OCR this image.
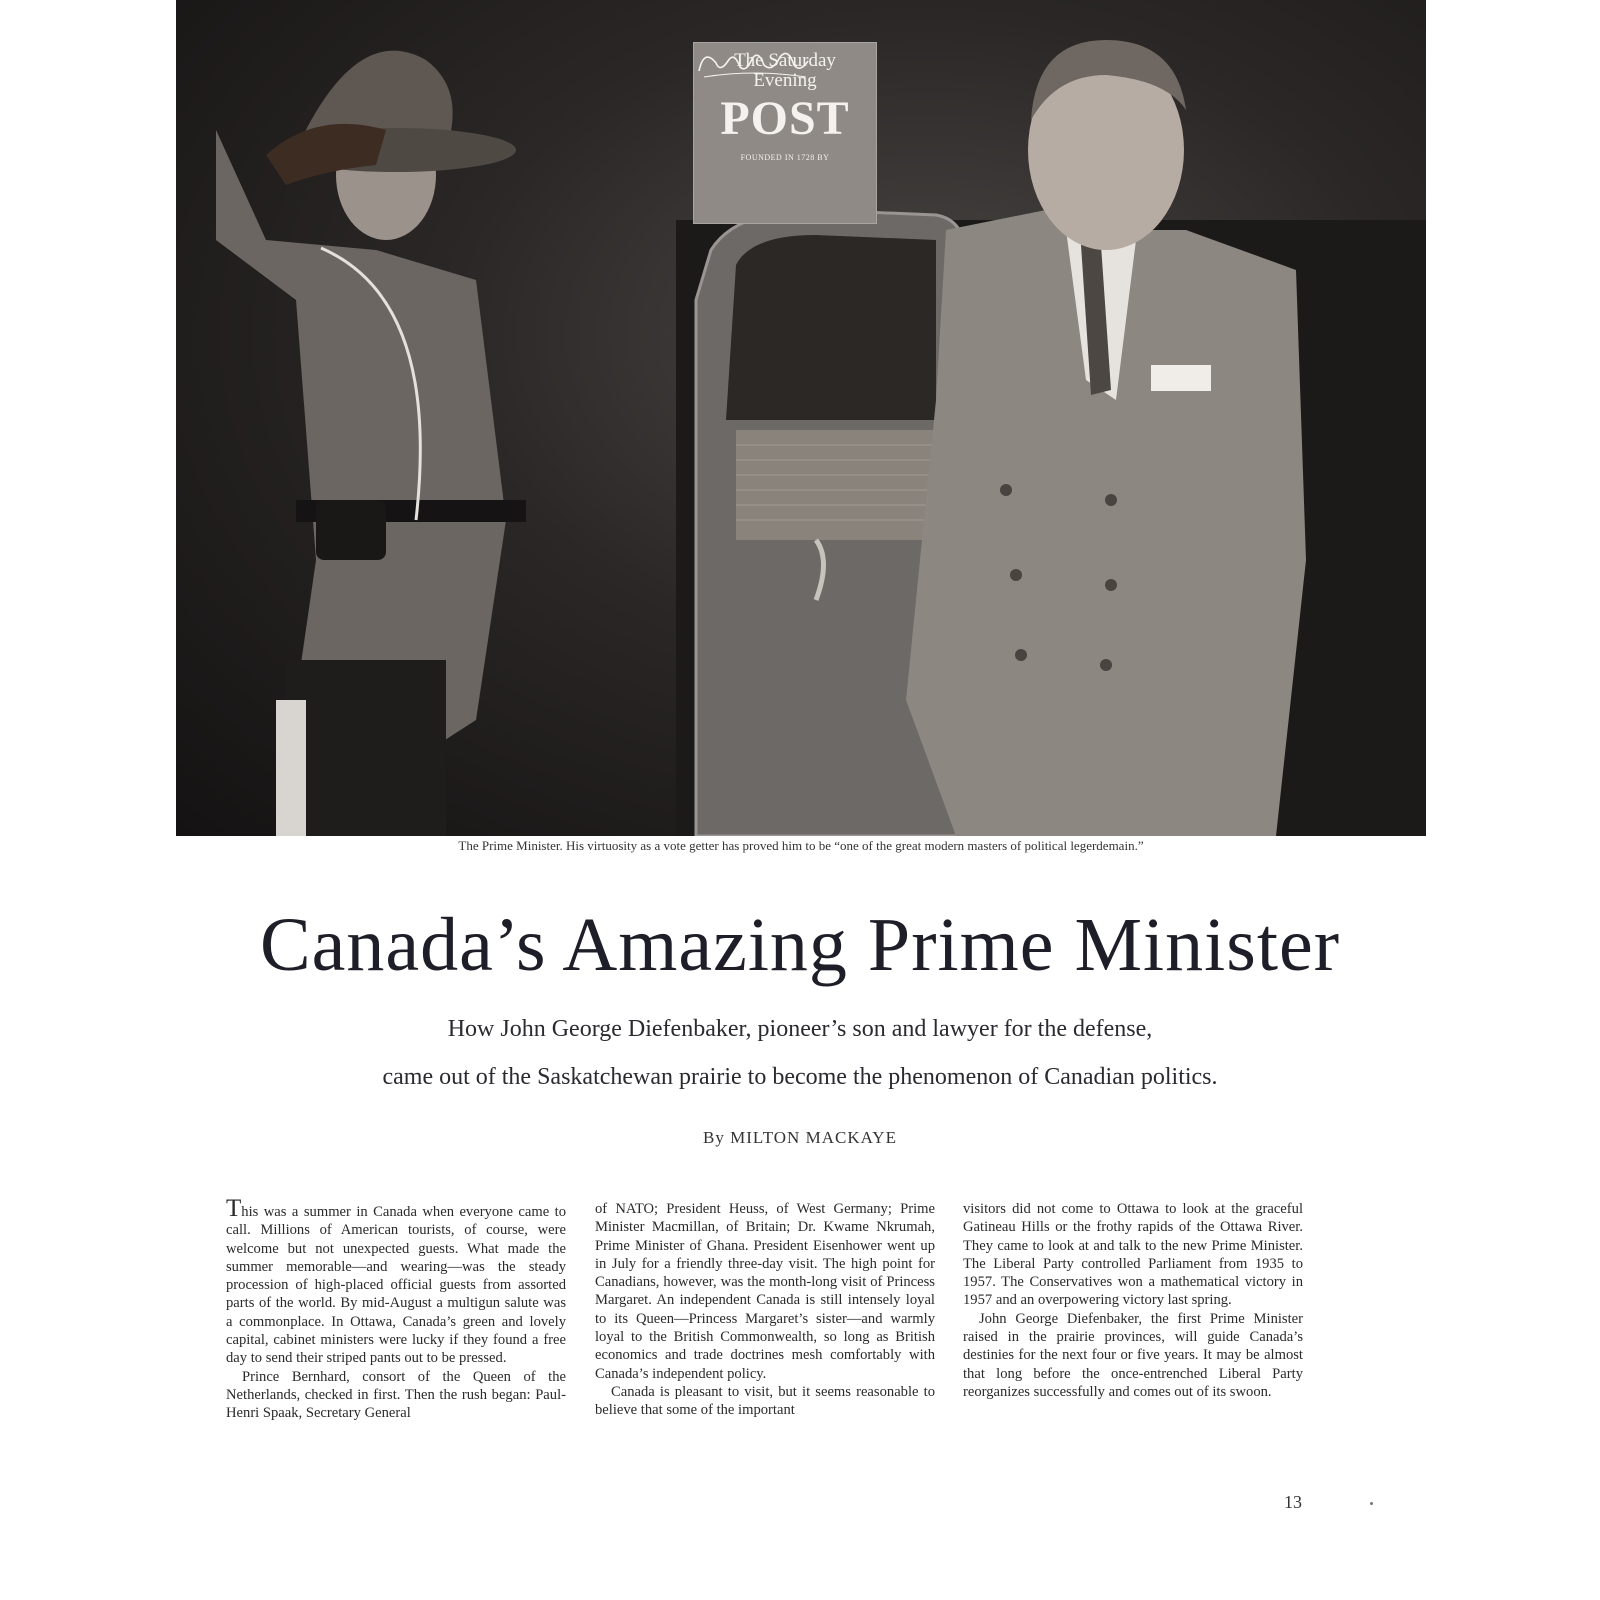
The Saturday
Evening
POST
FOUNDED IN 1728 BY
The Prime Minister. His virtuosity as a vote getter has proved him to be “one of the great modern masters of political legerdemain.”
Canada’s Amazing Prime Minister
How John George Diefenbaker, pioneer’s son and lawyer for the defense,
came out of the Saskatchewan prairie to become the phenomenon of Canadian politics.
By MILTON MACKAYE

This was a summer in Canada when everyone came to call. Millions of American tourists, of course, were welcome but not unexpected guests. What made the summer memorable—and wearing—was the steady procession of high-placed official guests from assorted parts of the world. By mid-August a multigun salute was a commonplace. In Ottawa, Canada’s green and lovely capital, cabinet ministers were lucky if they found a free day to send their striped pants out to be pressed.

Prince Bernhard, consort of the Queen of the Netherlands, checked in first. Then the rush began: Paul-Henri Spaak, Secretary General

of NATO; President Heuss, of West Germany; Prime Minister Macmillan, of Britain; Dr. Kwame Nkrumah, Prime Minister of Ghana. President Eisenhower went up in July for a friendly three-day visit. The high point for Canadians, however, was the month-long visit of Princess Margaret. An independent Canada is still intensely loyal to its Queen—Princess Margaret’s sister—and warmly loyal to the British Commonwealth, so long as British economics and trade doctrines mesh comfortably with Canada’s independent policy.

Canada is pleasant to visit, but it seems reasonable to believe that some of the important

visitors did not come to Ottawa to look at the graceful Gatineau Hills or the frothy rapids of the Ottawa River. They came to look at and talk to the new Prime Minister. The Liberal Party controlled Parliament from 1935 to 1957. The Conservatives won a mathematical victory in 1957 and an overpowering victory last spring.

John George Diefenbaker, the first Prime Minister raised in the prairie provinces, will guide Canada’s destinies for the next four or five years. It may be almost that long before the once-entrenched Liberal Party reorganizes successfully and comes out of its swoon.

13
